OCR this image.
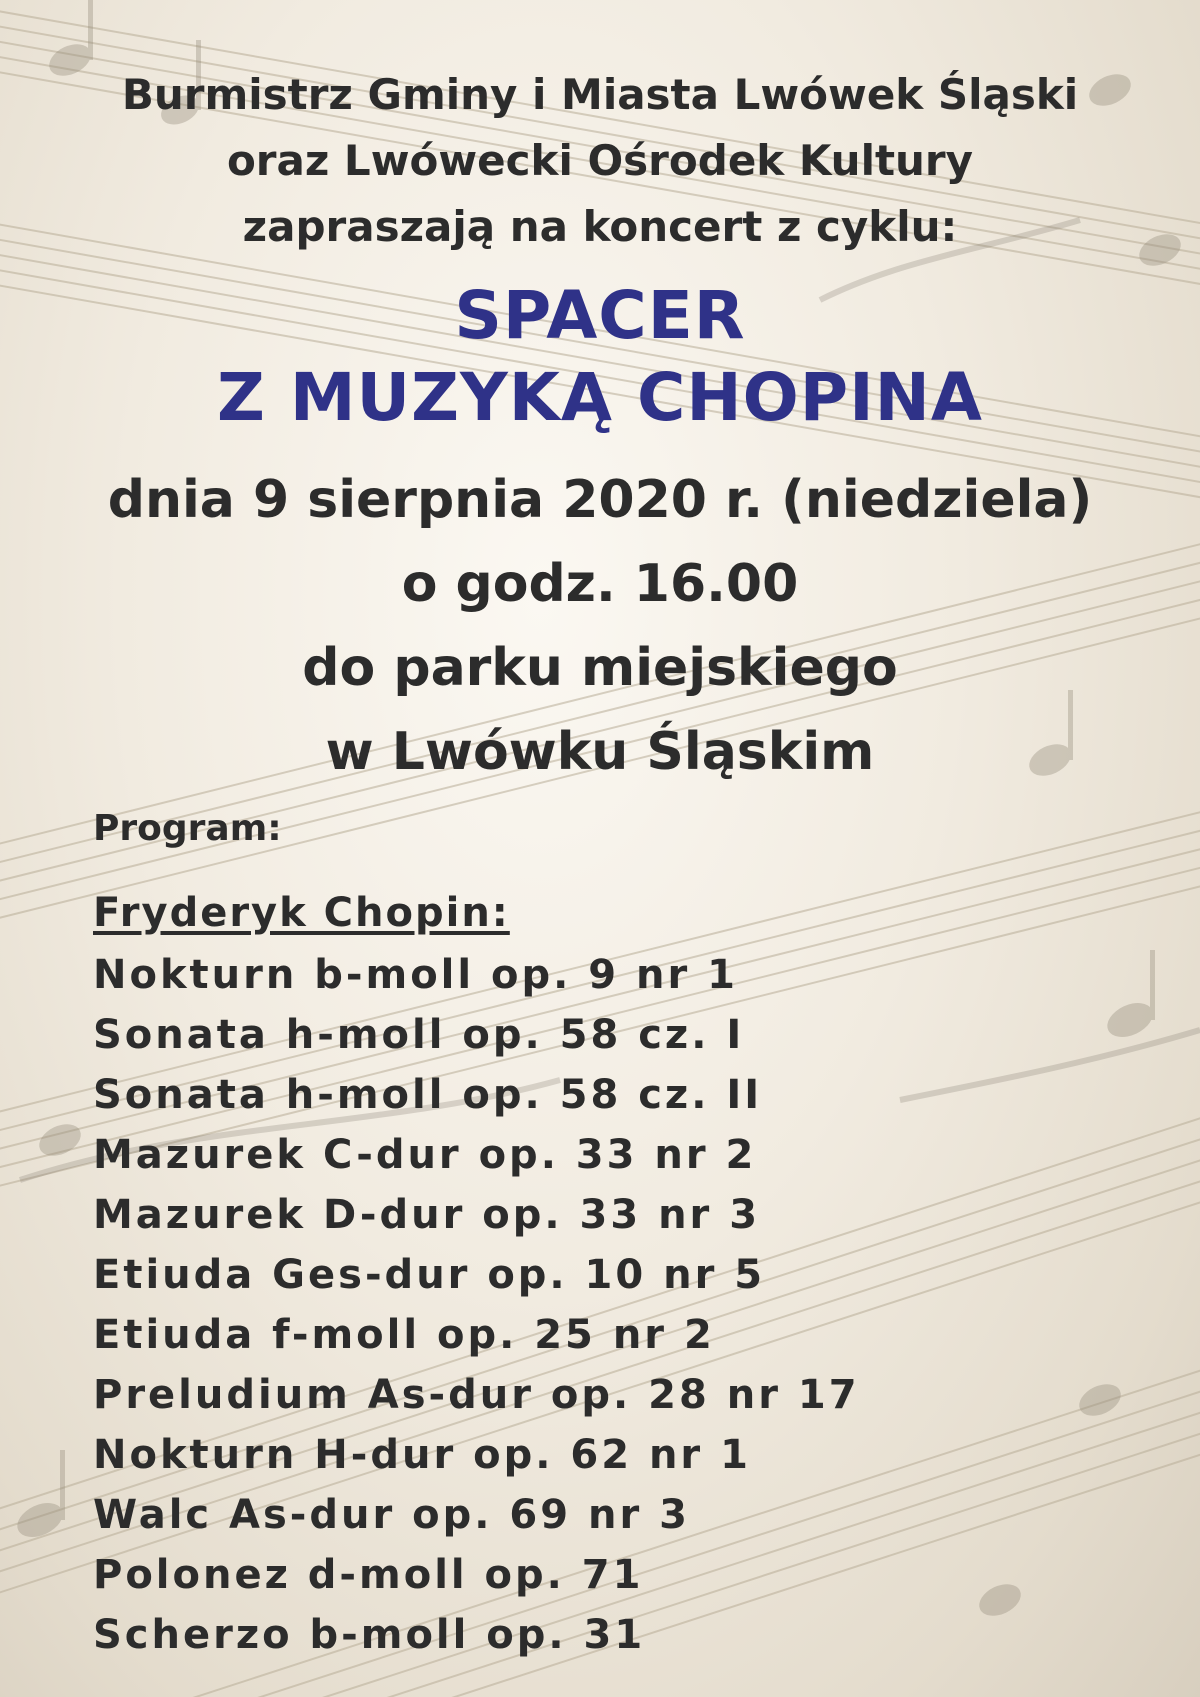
Burmistrz Gminy i Miasta Lwówek Śląski
oraz Lwówecki Ośrodek Kultury
zapraszają na koncert z cyklu:
SPACER
Z MUZYKĄ CHOPINA
dnia 9 sierpnia 2020 r. (niedziela)
o godz. 16.00
do parku miejskiego
w Lwówku Śląskim
Program:
Fryderyk Chopin:
Nokturn b-moll op. 9 nr 1
Sonata h-moll op. 58 cz. I
Sonata h-moll op. 58 cz. II
Mazurek C-dur op. 33 nr 2
Mazurek D-dur op. 33 nr 3
Etiuda Ges-dur op. 10 nr 5
Etiuda f-moll op. 25 nr 2
Preludium As-dur op. 28 nr 17
Nokturn H-dur op. 62 nr 1
Walc As-dur op. 69 nr 3
Polonez d-moll op. 71
Scherzo b-moll op. 31
